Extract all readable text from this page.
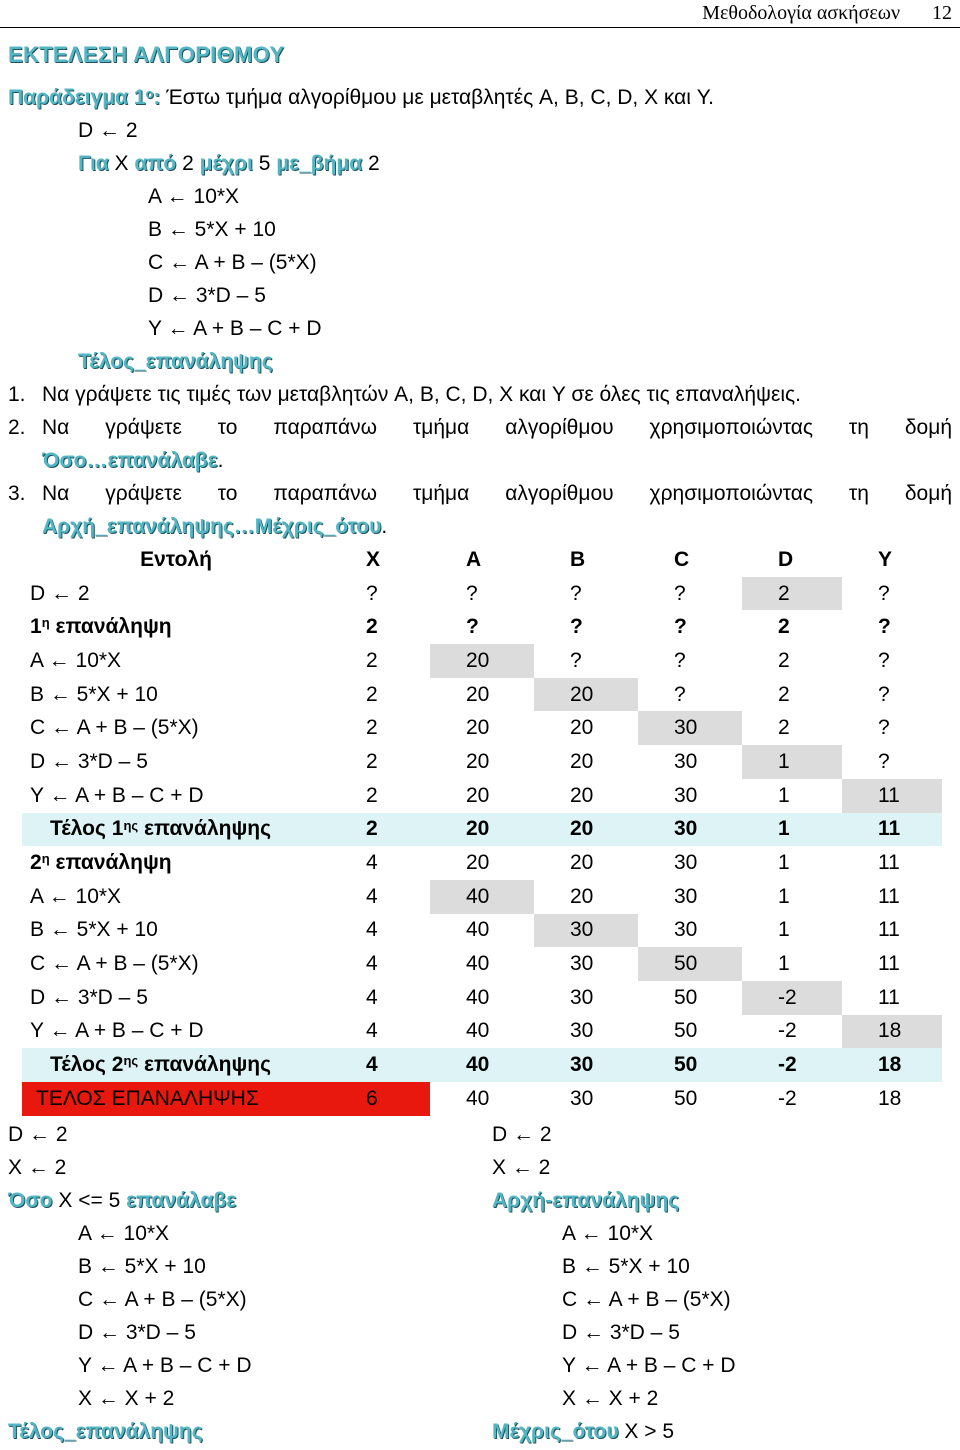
Μεθοδολογία ασκήσεων 12
ΕΚΤΕΛΕΣΗ ΑΛΓΟΡΙΘΜΟΥ
Παράδειγμα $1^o$: Έστω τμήμα αλγορίθμου με μεταβλητές A, B, C, D, X και Y.
D ← 2
Για X από 2 μέχρι 5 με_βήμα 2
A ← 10*X
B ← 5*X + 10
C ← A + B – (5*X)
D ← 3*D – 5
Y ← A + B – C + D
Τέλος_επανάληψης
1. Να γράψετε τις τιμές των μεταβλητών A, B, C, D, X και Y σε όλες τις επαναλήψεις.
2. Να γράψετε το παραπάνω τμήμα αλγορίθμου χρησιμοποιώντας τη δομή
Όσο…επανάλαβε.
3. Να γράψετε το παραπάνω τμήμα αλγορίθμου χρησιμοποιώντας τη δομή
Αρχή_επανάληψης…Μέχρις_ότου.
Εντολή	X	A	B	C	D	Y
D ← 2	?	?	?	?	2	?
$1^\eta$ επανάληψη	2	?	?	?	2	?
A ← 10*X	2	20	?	?	2	?
B ← 5*X + 10	2	20	20	?	2	?
C ← A + B – (5*X)	2	20	20	30	2	?
D ← 3*D – 5	2	20	20	30	1	?
Y ← A + B – C + D	2	20	20	30	1	11
Τέλος $1^{\eta\varsigma}$ επανάληψης	2	20	20	30	1	11
$2^\eta$ επανάληψη	4	20	20	30	1	11
A ← 10*X	4	40	20	30	1	11
B ← 5*X + 10	4	40	30	30	1	11
C ← A + B – (5*X)	4	40	30	50	1	11
D ← 3*D – 5	4	40	30	50	-2	11
Y ← A + B – C + D	4	40	30	50	-2	18
Τέλος $2^{\eta\varsigma}$ επανάληψης	4	40	30	50	-2	18
ΤΕΛΟΣ ΕΠΑΝΑΛΗΨΗΣ	6	40	30	50	-2	18
D ← 2
X ← 2
Όσο X <= 5 επανάλαβε
A ← 10*X
B ← 5*X + 10
C ← A + B – (5*X)
D ← 3*D – 5
Y ← A + B – C + D
X ← X + 2
Τέλος_επανάληψης
D ← 2
X ← 2
Αρχή-επανάληψης
A ← 10*X
B ← 5*X + 10
C ← A + B – (5*X)
D ← 3*D – 5
Y ← A + B – C + D
X ← X + 2
Μέχρις_ότου X > 5
